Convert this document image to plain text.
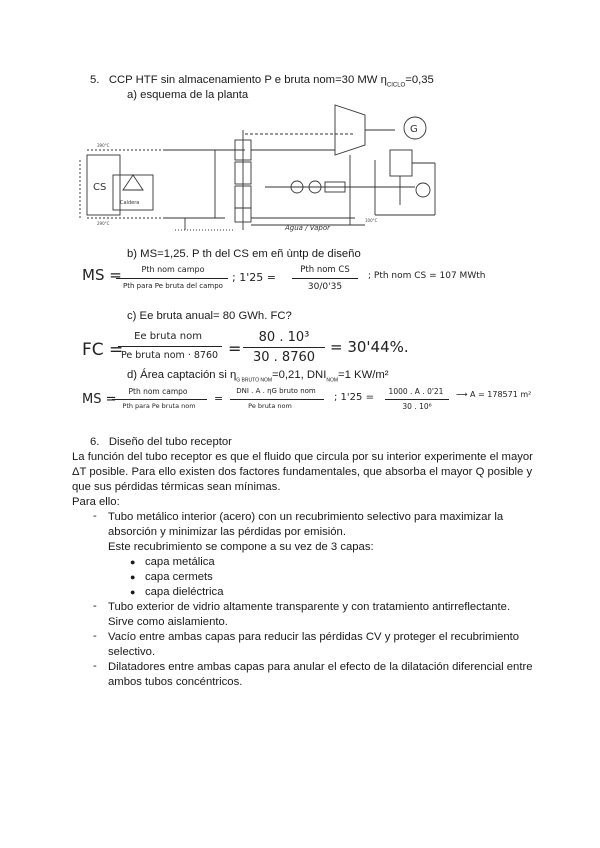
5. CCP HTF sin almacenamiento P e bruta nom=30 MW $\eta_{CICLO}=0,35$
a) esquema de la planta
CS
Caldera
G
Agua / Vapor
390°C
290°C
100°C
b) MS=1,25. P th del CS em eñ ùntp de diseño
MS =	Pth nom campo
Pth para Pe bruta del campo
; 1'25 =
Pth nom CS
30/0'35
; Pth nom CS = 107 MWth
c) Ee bruta anual= 80 GWh. FC?
FC =
Ee bruta nom
Pe bruta nom · 8760 =
80 . 10³
30 . 8760
= 30'44%.
d) Área captación si $\eta_{G BRUTO NOM}=0,21$, $DNI_{NOM}=1$ KW/m²
MS =
Pth nom campo
Pth para Pe bruta nom
=
DNI . A . ηG bruto nom
Pe bruta nom
; 1'25 =
1000 . A . 0'21
30 . 10⁶
⟶ A = 178571 m²
6. Diseño del tubo receptor
La función del tubo receptor es que el fluido que circula por su interior experimente el mayor
ΔT posible. Para ello existen dos factores fundamentales, que absorba el mayor Q posible y
que sus pérdidas térmicas sean mínimas.
Para ello:
- Tubo metálico interior (acero) con un recubrimiento selectivo para maximizar la
absorción y minimizar las pérdidas por emisión.
Este recubrimiento se compone a su vez de 3 capas:
● capa metálica
● capa cermets
● capa dieléctrica
- Tubo exterior de vidrio altamente transparente y con tratamiento antirreflectante.
Sirve como aislamiento.
- Vacío entre ambas capas para reducir las pérdidas CV y proteger el recubrimiento
selectivo.
- Dilatadores entre ambas capas para anular el efecto de la dilatación diferencial entre
ambos tubos concéntricos.
